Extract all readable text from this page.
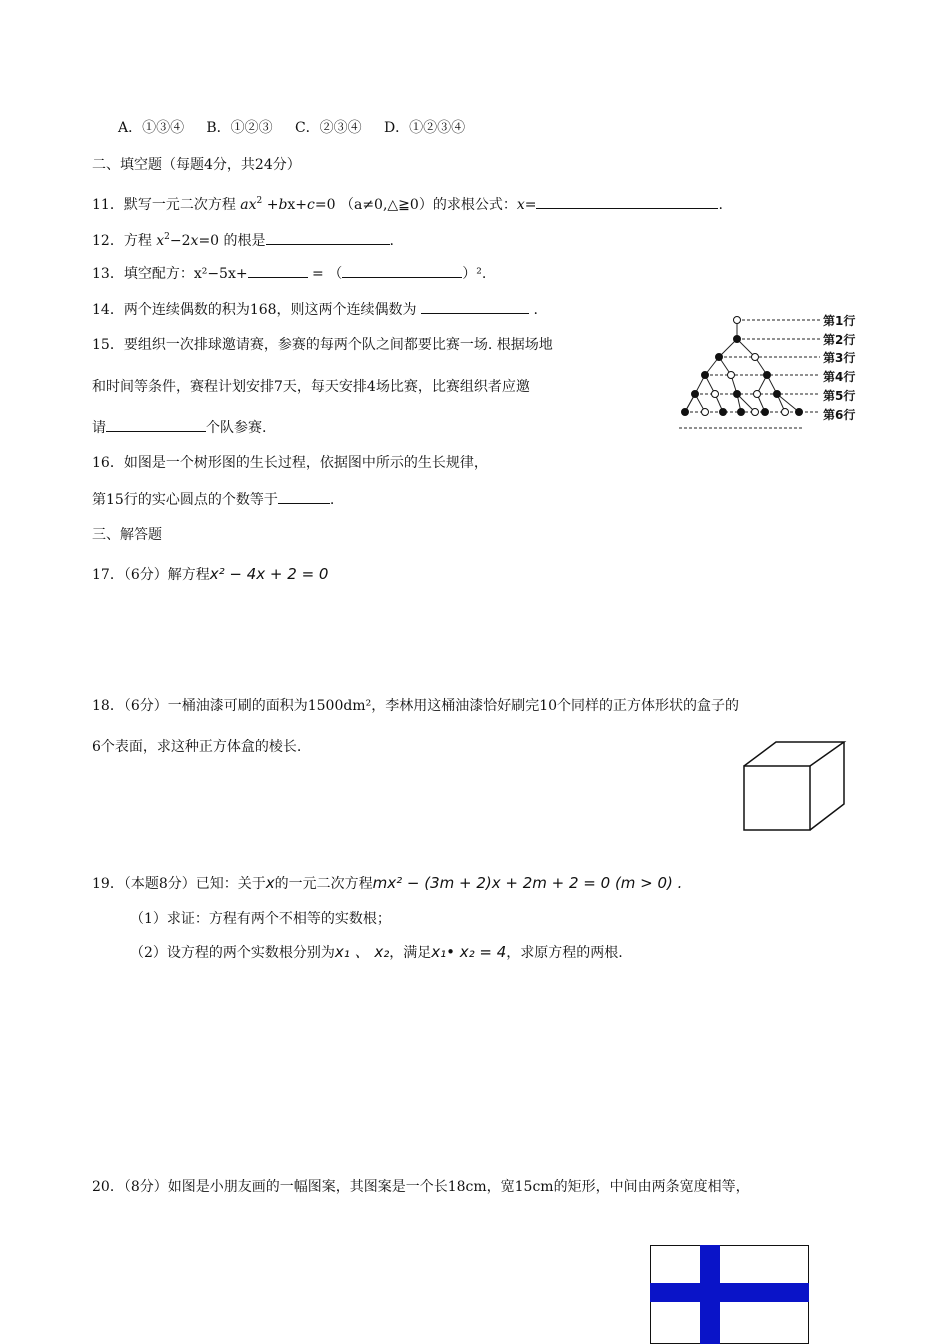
A．①③④ B．①②③ C．②③④ D．①②③④
二、填空题（每题4分，共24分）
11．默写一元二次方程 $ax^2 +bx+c=0$ （a≠0,△≧0）的求根公式：x=	.
12．方程 $x^2-2x=0$ 的根是	.
13．填空配方：x²−5x+	= （	）².
14．两个连续偶数的积为168，则这两个连续偶数为	.
15．要组织一次排球邀请赛，参赛的每两个队之间都要比赛一场. 根据场地
和时间等条件，赛程计划安排7天，每天安排4场比赛，比赛组织者应邀
请	个队参赛.
16．如图是一个树形图的生长过程，依据图中所示的生长规律，
第15行的实心圆点的个数等于	.
第1行
第2行
第3行
第4行
第5行
第6行
三、解答题
17．（6分）解方程x² − 4x + 2 = 0
18．（6分）一桶油漆可刷的面积为1500dm²，李林用这桶油漆恰好刷完10个同样的正方体形状的盒子的
6个表面，求这种正方体盒的棱长.
19．（本题8分）已知：关于x的一元二次方程mx² − (3m + 2)x + 2m + 2 = 0 (m > 0) .
（1）求证：方程有两个不相等的实数根；
（2）设方程的两个实数根分别为x₁ 、 x₂，满足x₁• x₂ = 4，求原方程的两根.
20．（8分）如图是小朋友画的一幅图案，其图案是一个长18cm，宽15cm的矩形，中间由两条宽度相等，
